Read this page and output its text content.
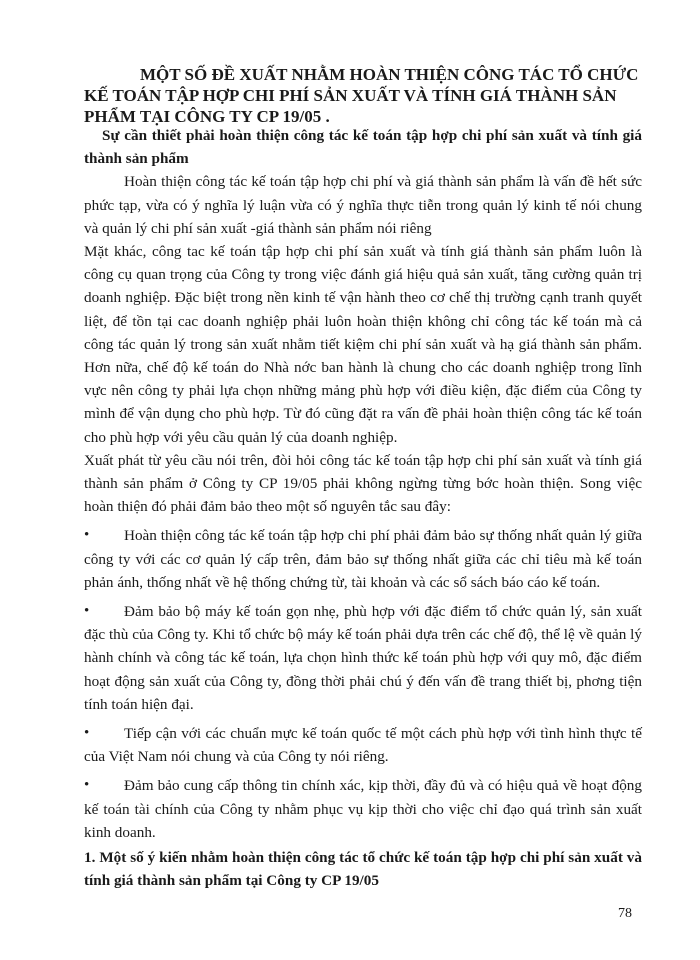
MỘT SỐ ĐỀ XUẤT NHẰM HOÀN THIỆN CÔNG TÁC TỔ CHỨC
KẾ TOÁN TẬP HỢP CHI PHÍ SẢN XUẤT VÀ TÍNH GIÁ THÀNH SẢN
PHẨM TẠI CÔNG TY CP 19/05 .
Sự cần thiết phải hoàn thiện công tác kế toán tập hợp chi phí sản xuất và tính giá thành sản phẩm
Hoàn thiện công tác kế toán tập hợp chi phí và giá thành sản phẩm là vấn đề hết sức phức tạp, vừa có ý nghĩa lý luận vừa có ý nghĩa thực tiễn trong quản lý kinh tế nói chung và quản lý chi phí sản xuất -giá thành sản phẩm nói riêng
Mặt khác, công tac kế toán tập hợp chi phí sản xuất và tính giá thành sản phẩm luôn là công cụ quan trọng của Công ty trong việc đánh giá hiệu quả sản xuất, tăng cường quản trị doanh nghiệp. Đặc biệt trong nền kinh tế vận hành theo cơ chế thị trường cạnh tranh quyết liệt, để tồn tại cac doanh nghiệp phải luôn hoàn thiện không chỉ công tác kế toán mà cả công tác quản lý trong sản xuất nhằm tiết kiệm chi phí sản xuất và hạ giá thành sản phẩm. Hơn nữa, chế độ kế toán do Nhà nớc ban hành là chung cho các doanh nghiệp trong lĩnh vực nên công ty phải lựa chọn những mảng phù hợp với điều kiện, đặc điểm của Công ty mình để vận dụng cho phù hợp. Từ đó cũng đặt ra vấn đề phải hoàn thiện công tác kế toán cho phù hợp với yêu cầu quản lý của doanh nghiệp.
Xuất phát từ yêu cầu nói trên, đòi hỏi công tác kế toán tập hợp chi phí sản xuất và tính giá thành sản phẩm ở Công ty CP 19/05 phải không ngừng từng bớc hoàn thiện. Song việc hoàn thiện đó phải đảm bảo theo một số nguyên tắc sau đây:
• Hoàn thiện công tác kế toán tập hợp chi phí phải đảm bảo sự thống nhất quản lý giữa công ty với các cơ quản lý cấp trên, đảm bảo sự thống nhất giữa các chỉ tiêu mà kế toán phản ánh, thống nhất về hệ thống chứng từ, tài khoản và các sổ sách báo cáo kế toán.
• Đảm bảo bộ máy kế toán gọn nhẹ, phù hợp với đặc điểm tổ chức quản lý, sản xuất đặc thù của Công ty. Khi tổ chức bộ máy kế toán phải dựa trên các chế độ, thể lệ về quản lý hành chính và công tác kế toán, lựa chọn hình thức kế toán phù hợp với quy mô, đặc điểm hoạt động sản xuất của Công ty, đồng thời phải chú ý đến vấn đề trang thiết bị, phơng tiện tính toán hiện đại.
• Tiếp cận với các chuẩn mực kế toán quốc tế một cách phù hợp với tình hình thực tế của Việt Nam nói chung và của Công ty nói riêng.
• Đảm bảo cung cấp thông tin chính xác, kịp thời, đầy đủ và có hiệu quả về hoạt động kế toán tài chính của Công ty nhằm phục vụ kịp thời cho việc chỉ đạo quá trình sản xuất kinh doanh.
1. Một số ý kiến nhằm hoàn thiện công tác tổ chức kế toán tập hợp chi phí sản xuất và tính giá thành sản phẩm tại Công ty CP 19/05
78
